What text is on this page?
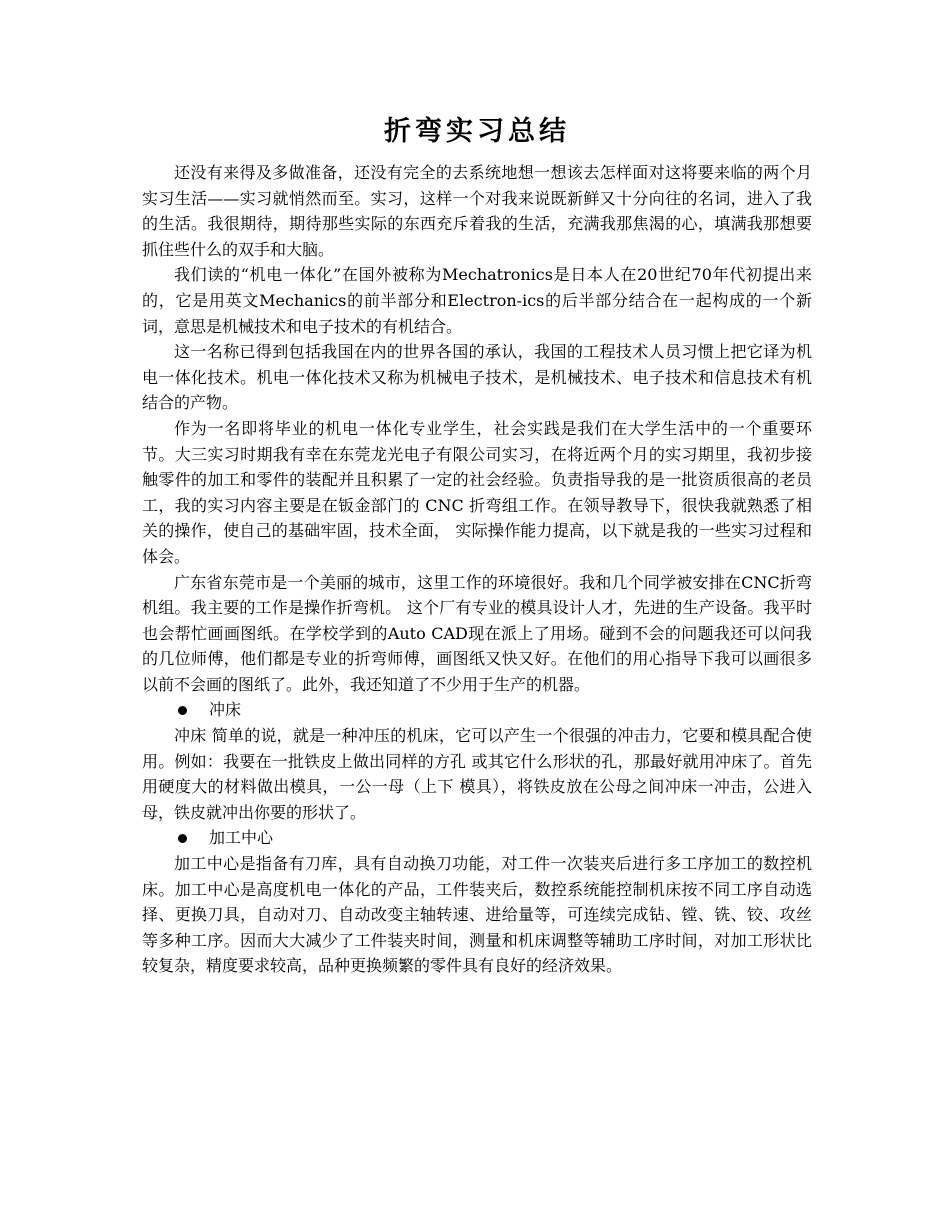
折弯实习总结

还没有来得及多做准备，还没有完全的去系统地想一想该去怎样面对这将要来临的两个月实习生活——实习就悄然而至。实习，这样一个对我来说既新鲜又十分向往的名词，进入了我的生活。我很期待，期待那些实际的东西充斥着我的生活，充满我那焦渴的心，填满我那想要抓住些什么的双手和大脑。

我们读的“机电一体化”在国外被称为Mechatronics是日本人在20世纪70年代初提出来的，它是用英文Mechanics的前半部分和Electron-ics的后半部分结合在一起构成的一个新词，意思是机械技术和电子技术的有机结合。

这一名称已得到包括我国在内的世界各国的承认，我国的工程技术人员习惯上把它译为机电一体化技术。机电一体化技术又称为机械电子技术，是机械技术、电子技术和信息技术有机结合的产物。

作为一名即将毕业的机电一体化专业学生，社会实践是我们在大学生活中的一个重要环节。大三实习时期我有幸在东莞龙光电子有限公司实习，在将近两个月的实习期里，我初步接触零件的加工和零件的装配并且积累了一定的社会经验。负责指导我的是一批资质很高的老员工，我的实习内容主要是在钣金部门的 CNC 折弯组工作。在领导教导下，很快我就熟悉了相关的操作，使自己的基础牢固，技术全面， 实际操作能力提高，以下就是我的一些实习过程和体会。

广东省东莞市是一个美丽的城市，这里工作的环境很好。我和几个同学被安排在CNC折弯机组。我主要的工作是操作折弯机。 这个厂有专业的模具设计人才，先进的生产设备。我平时也会帮忙画画图纸。在学校学到的Auto CAD现在派上了用场。碰到不会的问题我还可以问我的几位师傅，他们都是专业的折弯师傅，画图纸又快又好。在他们的用心指导下我可以画很多以前不会画的图纸了。此外，我还知道了不少用于生产的机器。

冲床

冲床 简单的说，就是一种冲压的机床，它可以产生一个很强的冲击力，它要和模具配合使用。例如：我要在一批铁皮上做出同样的方孔 或其它什么形状的孔，那最好就用冲床了。首先用硬度大的材料做出模具，一公一母（上下 模具），将铁皮放在公母之间冲床一冲击，公进入母，铁皮就冲出你要的形状了。

加工中心

加工中心是指备有刀库，具有自动换刀功能，对工件一次装夹后进行多工序加工的数控机床。加工中心是高度机电一体化的产品，工件装夹后，数控系统能控制机床按不同工序自动选择、更换刀具，自动对刀、自动改变主轴转速、进给量等，可连续完成钻、镗、铣、铰、攻丝等多种工序。因而大大减少了工件装夹时间，测量和机床调整等辅助工序时间，对加工形状比较复杂，精度要求较高，品种更换频繁的零件具有良好的经济效果。
